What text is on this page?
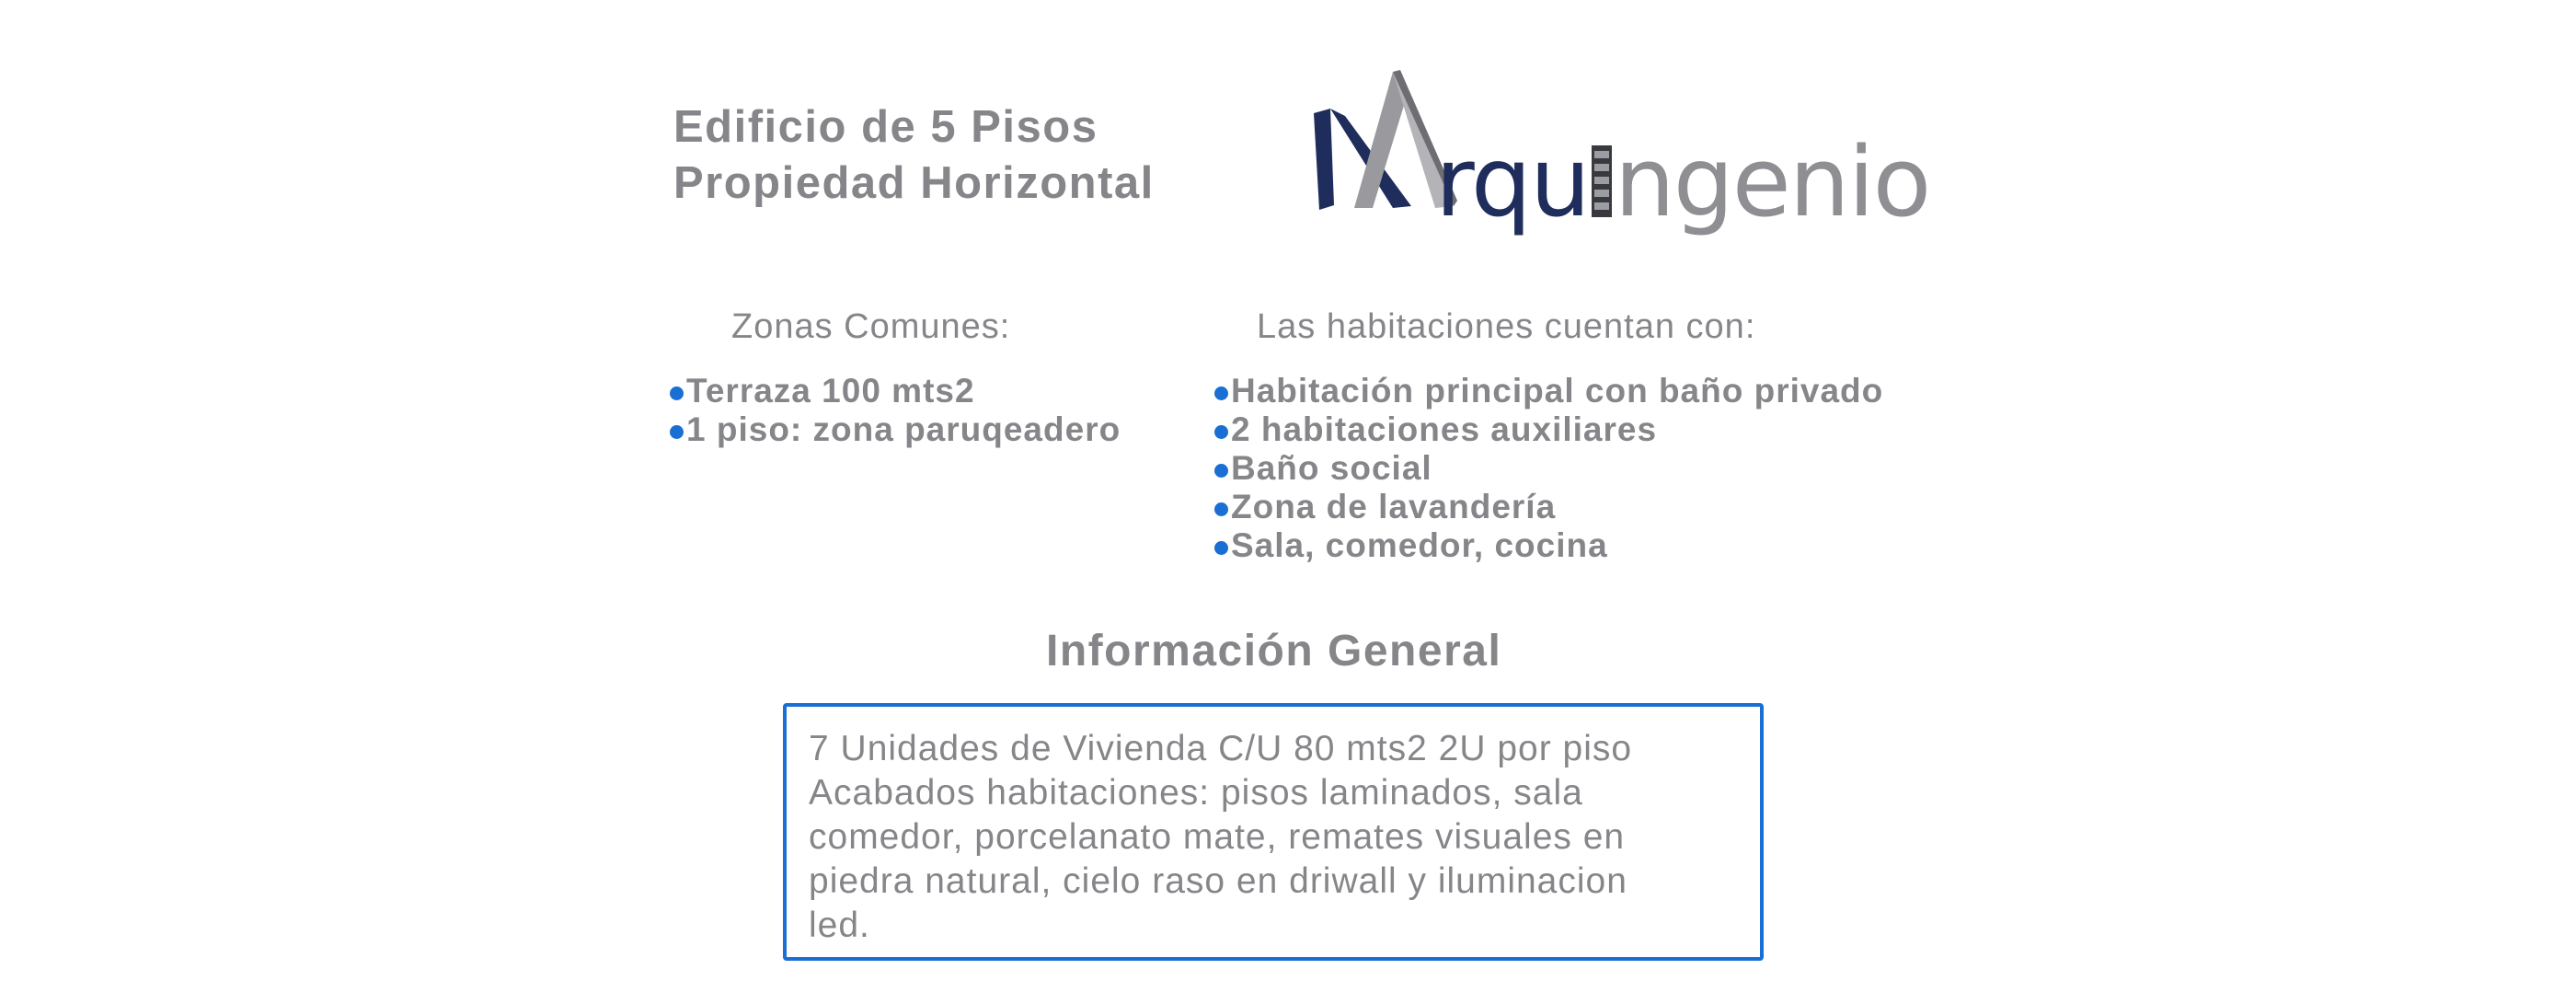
Edificio de 5 Pisos
Propiedad Horizontal	rqu ngenio
Zonas Comunes:
Terraza 100 mts2
1 piso: zona paruqeadero
Las habitaciones cuentan con:
Habitación principal con baño privado
2 habitaciones auxiliares
Baño social
Zona de lavandería
Sala, comedor, cocina
Información General
7 Unidades de Vivienda C/U 80 mts2 2U por piso
Acabados habitaciones: pisos laminados, sala
comedor, porcelanato mate, remates visuales en
piedra natural, cielo raso en driwall y iluminacion
led.
